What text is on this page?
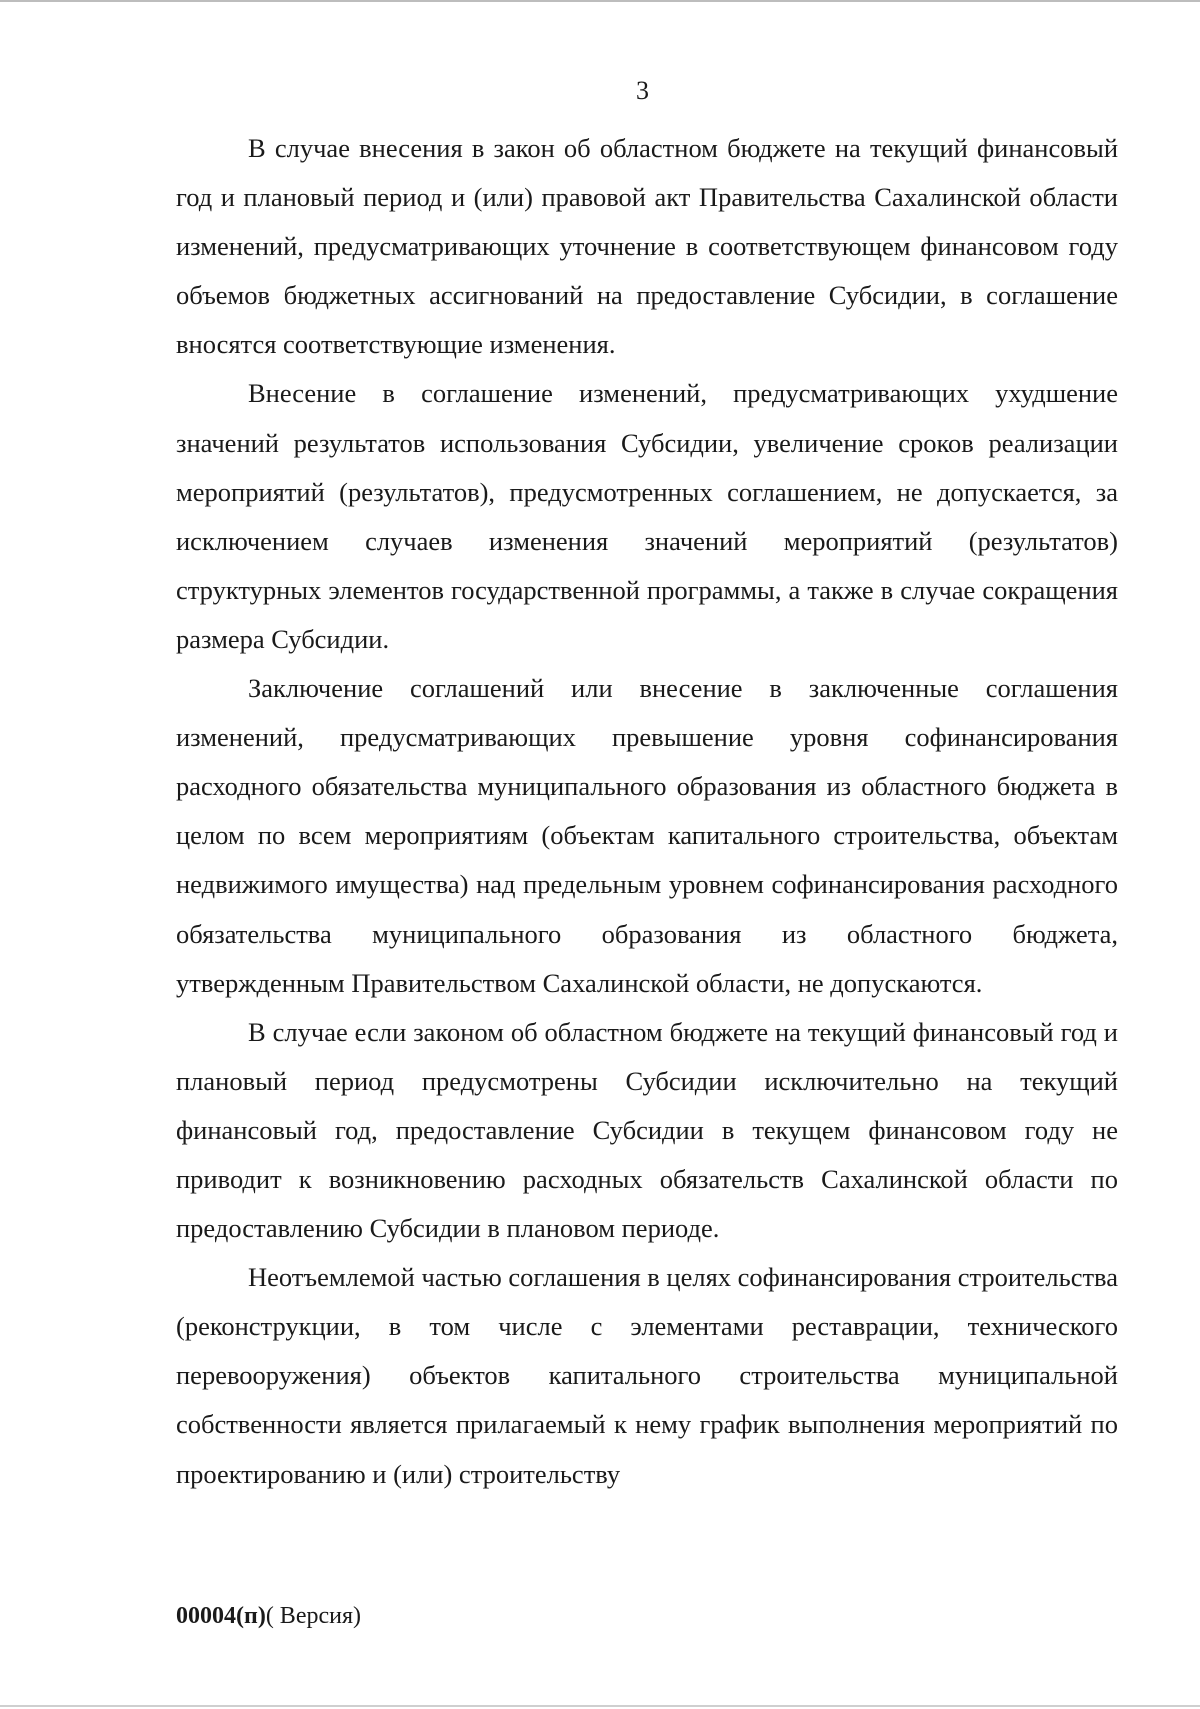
3

В случае внесения в закон об областном бюджете на текущий финансовый год и плановый период и (или) правовой акт Правительства Сахалинской области изменений, предусматривающих уточнение в соответствующем финансовом году объемов бюджетных ассигнований на предоставление Субсидии, в соглашение вносятся соответствующие изменения.

Внесение в соглашение изменений, предусматривающих ухудшение значений результатов использования Субсидии, увеличение сроков реализации мероприятий (результатов), предусмотренных соглашением, не допускается, за исключением случаев изменения значений мероприятий (результатов) структурных элементов государственной программы, а также в случае сокращения размера Субсидии.

Заключение соглашений или внесение в заключенные соглашения изменений, предусматривающих превышение уровня софинансирования расходного обязательства муниципального образования из областного бюджета в целом по всем мероприятиям (объектам капитального строительства, объектам недвижимого имущества) над предельным уровнем софинансирования расходного обязательства муниципального образования из областного бюджета, утвержденным Правительством Сахалинской области, не допускаются.

В случае если законом об областном бюджете на текущий финансовый год и плановый период предусмотрены Субсидии исключительно на текущий финансовый год, предоставление Субсидии в текущем финансовом году не приводит к возникновению расходных обязательств Сахалинской области по предоставлению Субсидии в плановом периоде.

Неотъемлемой частью соглашения в целях софинансирования строительства (реконструкции, в том числе с элементами реставрации, технического перевооружения) объектов капитального строительства муниципальной собственности является прилагаемый к нему график выполнения мероприятий по проектированию и (или) строительству

00004(п)( Версия)
